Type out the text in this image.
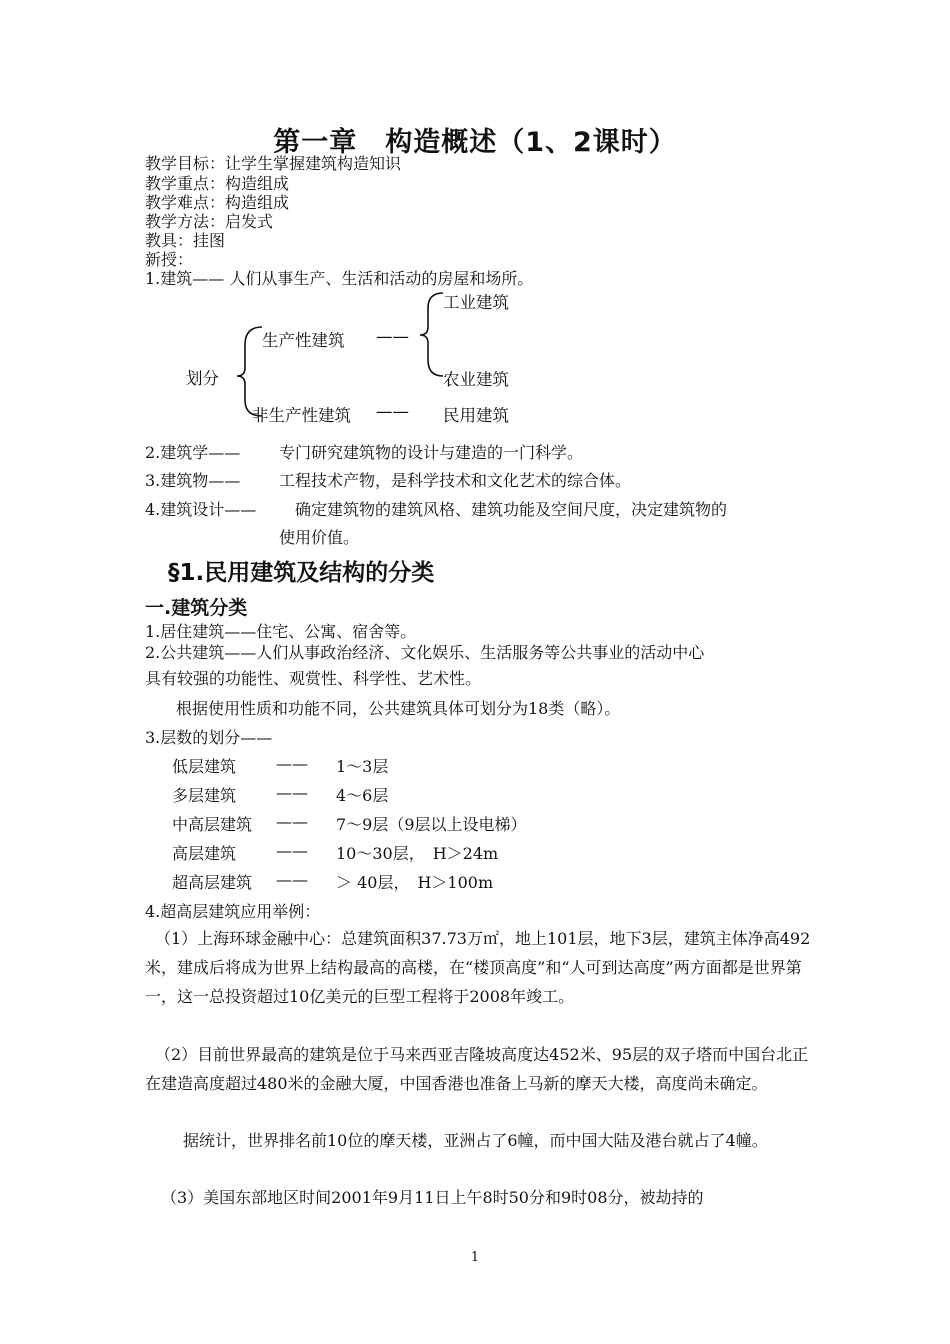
第一章　构造概述（1、2课时）
教学目标：让学生掌握建筑构造知识
教学重点：构造组成
教学难点：构造组成
教学方法：启发式
教具：挂图
新授：
1.建筑—— 人们从事生产、生活和活动的房屋和场所。
划分
生产性建筑 ——
工业建筑
农业建筑
非生产性建筑 —— 民用建筑
2.建筑学—— 专门研究建筑物的设计与建造的一门科学。
3.建筑物—— 工程技术产物，是科学技术和文化艺术的综合体。
4.建筑设计—— 确定建筑物的建筑风格、建筑功能及空间尺度，决定建筑物的
使用价值。
§1.民用建筑及结构的分类
一.建筑分类
1.居住建筑——住宅、公寓、宿舍等。
2.公共建筑——人们从事政治经济、文化娱乐、生活服务等公共事业的活动中心
具有较强的功能性、观赏性、科学性、艺术性。
根据使用性质和功能不同，公共建筑具体可划分为18类（略）。
3.层数的划分——
低层建筑 —— 1～3层
多层建筑 —— 4～6层
中高层建筑 —— 7～9层（9层以上设电梯）
高层建筑 —— 10～30层，　H＞24m
超高层建筑 —— ＞ 40层，　H＞100m
4.超高层建筑应用举例：
（1）上海环球金融中心：总建筑面积37.73万㎡，地上101层，地下3层，建筑主体净高492米，建成后将成为世界上结构最高的高楼，在“楼顶高度”和“人可到达高度”两方面都是世界第一，这一总投资超过10亿美元的巨型工程将于2008年竣工。
（2）目前世界最高的建筑是位于马来西亚吉隆坡高度达452米、95层的双子塔而中国台北正在建造高度超过480米的金融大厦，中国香港也准备上马新的摩天大楼，高度尚未确定。
据统计，世界排名前10位的摩天楼，亚洲占了6幢，而中国大陆及港台就占了4幢。
（3）美国东部地区时间2001年9月11日上午8时50分和9时08分，被劫持的
1
